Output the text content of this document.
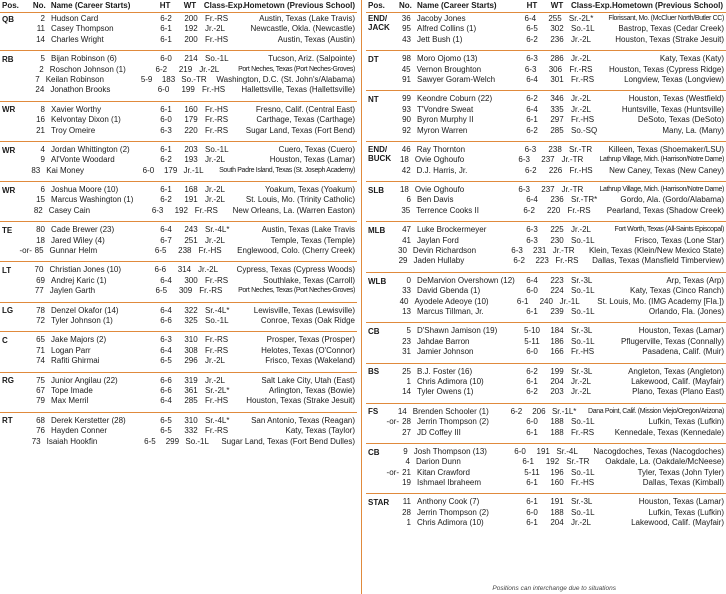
Pos. No. Name (Career Starts)	HT	WT Class-Exp. Hometown (Previous School)
QB	2 Hudson Card	6-2	200 Fr.-RS	Austin, Texas (Lake Travis)
11 Casey Thompson	6-1	192 Jr.-2L	Newcastle, Okla. (Newcastle)
14 Charles Wright	6-1	200 Fr.-HS	Austin, Texas (Austin)
RB	5 Bijan Robinson (6)	6-0	214 So.-1L	Tucson, Ariz. (Salpointe)
2 Roschon Johnson (1)	6-2	219 Jr.-2L	Port Neches, Texas (Port Neches-Groves)
7 Keilan Robinson	5-9	183 So.-TR	Washington, D.C. (St. John's/Alabama)
24 Jonathon Brooks	6-0	199 Fr.-HS	Hallettsville, Texas (Hallettsville)
WR	8 Xavier Worthy	6-1	160 Fr.-HS	Fresno, Calif. (Central East)
16 Kelvontay Dixon (1)	6-0	179 Fr.-RS	Carthage, Texas (Carthage)
21 Troy Omeire	6-3	220 Fr.-RS	Sugar Land, Texas (Fort Bend)
WR	4 Jordan Whittington (2)	6-1	203 So.-1L	Cuero, Texas (Cuero)
9 Al'Vonte Woodard	6-2	193 Jr.-2L	Houston, Texas (Lamar)
83 Kai Money	6-0	179 Jr.-1L	South Padre Island, Texas (St. Joseph Academy)
WR	6 Joshua Moore (10)	6-1	168 Jr.-2L	Yoakum, Texas (Yoakum)
15 Marcus Washington (1)	6-2	191 Jr.-2L	St. Louis, Mo. (Trinity Catholic)
82 Casey Cain	6-3	192 Fr.-RS	New Orleans, La. (Warren Easton)
TE	80 Cade Brewer (23)	6-4	243 Sr.-4L*	Austin, Texas (Lake Travis
18 Jared Wiley (4)	6-7	251 Jr.-2L	Temple, Texas (Temple)
-or- 85 Gunnar Helm	6-5	238 Fr.-HS	Englewood, Colo. (Cherry Creek)
LT	70 Christian Jones (10)	6-6	314 Jr.-2L	Cypress, Texas (Cypress Woods)
69 Andrej Karic (1)	6-4	300 Fr.-RS	Southlake, Texas (Carroll)
77 Jaylen Garth	6-5	309 Fr.-RS	Port Neches, Texas (Port Neches-Groves)
LG	78 Denzel Okafor (14)	6-4	322 Sr.-4L*	Lewisville, Texas (Lewisville)
72 Tyler Johnson (1)	6-6	325 So.-1L	Conroe, Texas (Oak Ridge
C	65 Jake Majors (2)	6-3	310 Fr.-RS	Prosper, Texas (Prosper)
71 Logan Parr	6-4	308 Fr.-RS	Helotes, Texas (O'Connor)
74 Rafiti Ghirmai	6-5	296 Jr.-2L	Frisco, Texas (Wakeland)
RG	75 Junior Angilau (22)	6-6	319 Jr.-2L	Salt Lake City, Utah (East)
67 Tope Imade	6-6	361 Sr.-2L*	Arlington, Texas (Bowie)
79 Max Merril	6-4	285 Fr.-HS	Houston, Texas (Strake Jesuit)
RT	68 Derek Kerstetter (28)	6-5	310 Sr.-4L*	San Antonio, Texas (Reagan)
76 Hayden Conner	6-5	332 Fr.-RS	Katy, Texas (Taylor)
73 Isaiah Hookfin	6-5	299 So.-1L	Sugar Land, Texas (Fort Bend Dulles)
Pos. No. Name (Career Starts)	HT	WT Class-Exp. Hometown (Previous School)
END/
JACK
36 Jacoby Jones	6-4	255 Sr.-2L*	Florissant, Mo. (McCluer North/Butler CC)
95 Alfred Collins (1)	6-5	302 So.-1L	Bastrop, Texas (Cedar Creek)
43 Jett Bush (1)	6-2	236 Jr.-2L	Houston, Texas (Strake Jesuit)
DT	98 Moro Ojomo (13)	6-3	286 Jr.-2L	Katy, Texas (Katy)
45 Vernon Broughton	6-3	306 Fr.-RS	Houston, Texas (Cypress Ridge)
91 Sawyer Goram-Welch	6-4	301 Fr.-RS	Longview, Texas (Longview)
NT	99 Keondre Coburn (22)	6-2	346 Jr.-2L	Houston, Texas (Westfield)
93 T'Vondre Sweat	6-4	335 Jr.-2L	Huntsville, Texas (Huntsville)
90 Byron Murphy II	6-1	297 Fr.-HS	DeSoto, Texas (DeSoto)
92 Myron Warren	6-2	285 So.-SQ	Many, La. (Many)
END/
BUCK
46 Ray Thornton	6-3	238 Sr.-TR	Killeen, Texas (Shoemaker/LSU)
18 Ovie Oghoufo	6-3	237 Jr.-TR	Lathrup Village, Mich. (Harrison/Notre Dame)
42 D.J. Harris, Jr.	6-2	226 Fr.-HS	New Caney, Texas (New Caney)
SLB	18 Ovie Oghoufo	6-3	237 Jr.-TR	Lathrup Village, Mich. (Harrison/Notre Dame)
6 Ben Davis	6-4	236 Sr.-TR*	Gordo, Ala. (Gordo/Alabama)
35 Terrence Cooks II	6-2	220 Fr.-RS	Pearland, Texas (Shadow Creek)
MLB	47 Luke Brockermeyer	6-3	225 Jr.-2L	Fort Worth, Texas (All-Saints Episcopal)
41 Jaylan Ford	6-3	230 So.-1L	Frisco, Texas (Lone Star)
30 Devin Richardson	6-3	231 Jr.-TR	Klein, Texas (Klein/New Mexico State)
29 Jaden Hullaby	6-2	223 Fr.-RS	Dallas, Texas (Mansfield Timberview)
WLB	0 DeMarvion Overshown (12)	6-4	223 Sr.-3L	Arp, Texas (Arp)
33 David Gbenda (1)	6-0	224 So.-1L	Katy, Texas (Cinco Ranch)
40 Ayodele Adeoye (10)	6-1	240 Jr.-1L	St. Louis, Mo. (IMG Academy [Fla.])
13 Marcus Tillman, Jr.	6-1	239 So.-1L	Orlando, Fla. (Jones)
CB	5 D'Shawn Jamison (19)	5-10	184 Sr.-3L	Houston, Texas (Lamar)
23 Jahdae Barron	5-11	186 So.-1L	Pflugerville, Texas (Connally)
31 Jamier Johnson	6-0	166 Fr.-HS	Pasadena, Calif. (Muir)
BS	25 B.J. Foster (16)	6-2	199 Sr.-3L	Angleton, Texas (Angleton)
1 Chris Adimora (10)	6-1	204 Jr.-2L	Lakewood, Calif. (Mayfair)
14 Tyler Owens (1)	6-2	203 Jr.-2L	Plano, Texas (Plano East)
FS	14 Brenden Schooler (1)	6-2	206 Sr.-1L*	Dana Point, Calif. (Mission Viejo/Oregon/Arizona)
-or- 28 Jerrin Thompson (2)	6-0	188 So.-1L	Lufkin, Texas (Lufkin)
27 JD Coffey III	6-1	188 Fr.-RS	Kennedale, Texas (Kennedale)
CB	9 Josh Thompson (13)	6-0	191 Sr.-4L	Nacogdoches, Texas (Nacogdoches)
4 Darion Dunn	6-1	192 Sr.-TR	Oakdale, La. (Oakdale/McNeese)
-or- 21 Kitan Crawford	5-11	196 So.-1L	Tyler, Texas (John Tyler)
19 Ishmael Ibraheem	6-1	160 Fr.-HS	Dallas, Texas (Kimball)
STAR	11 Anthony Cook (7)	6-1	191 Sr.-3L	Houston, Texas (Lamar)
28 Jerrin Thompson (2)	6-0	188 So.-1L	Lufkin, Texas (Lufkin)
1 Chris Adimora (10)	6-1	204 Jr.-2L	Lakewood, Calif. (Mayfair)
Positions can interchange due to situations
